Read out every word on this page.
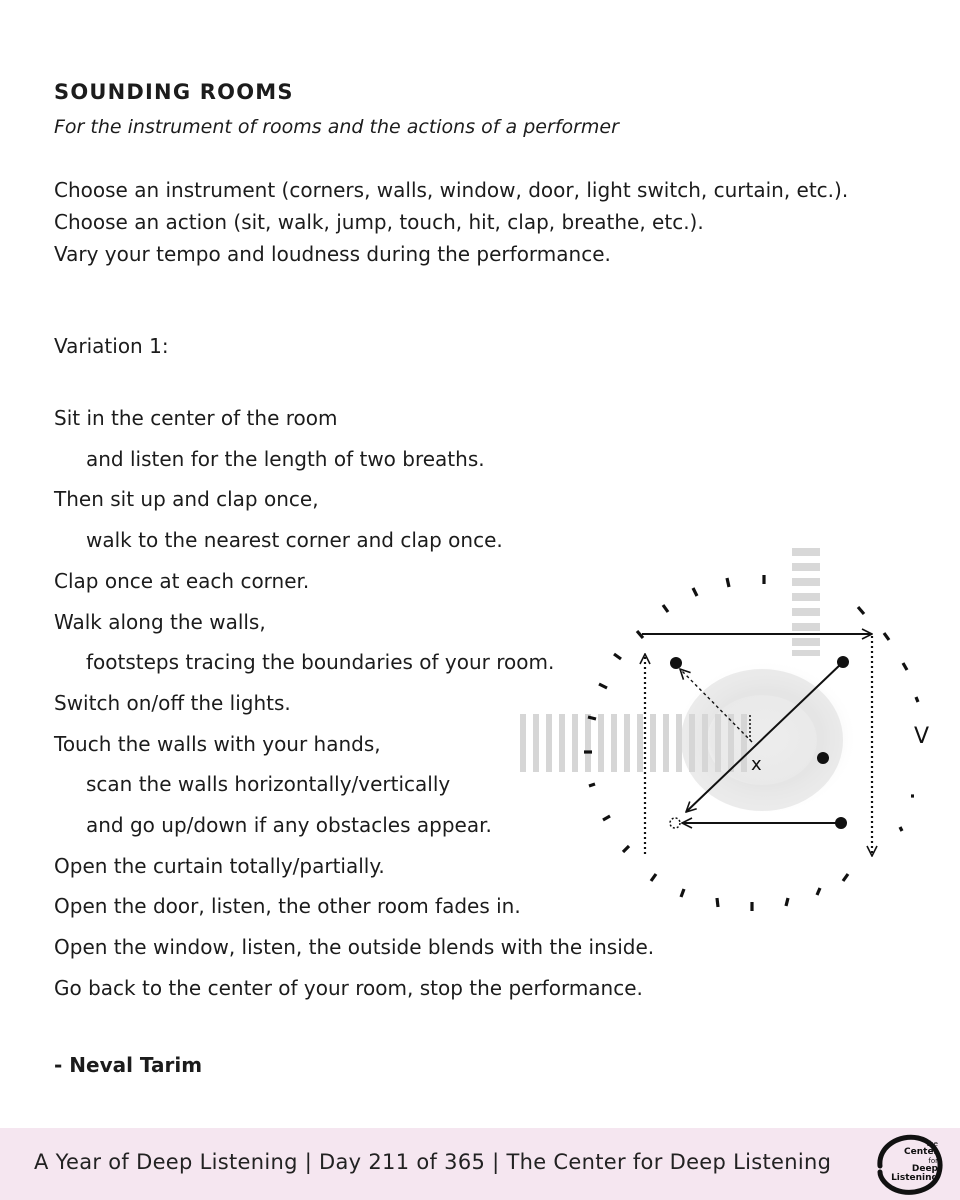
SOUNDING ROOMS

For the instrument of rooms and the actions of a performer

Choose an instrument (corners, walls, window, door, light switch, curtain, etc.).

Choose an action (sit, walk, jump, touch, hit, clap, breathe, etc.).

Vary your tempo and loudness during the performance.

Variation 1:

Sit in the center of the room
and listen for the length of two breaths.
Then sit up and clap once,
walk to the nearest corner and clap once.
Clap once at each corner.
Walk along the walls,
footsteps tracing the boundaries of your room.
Switch on/off the lights.
Touch the walls with your hands,
scan the walls horizontally/vertically
and go up/down if any obstacles appear.
Open the curtain totally/partially.
Open the door, listen, the other room fades in.
Open the window, listen, the outside blends with the inside.
Go back to the center of your room, stop the performance.

- Neval Tarim

V
x
A Year of Deep Listening | Day 211 of 365 | The Center for Deep Listening
the
Center
for
Deep
Listening
